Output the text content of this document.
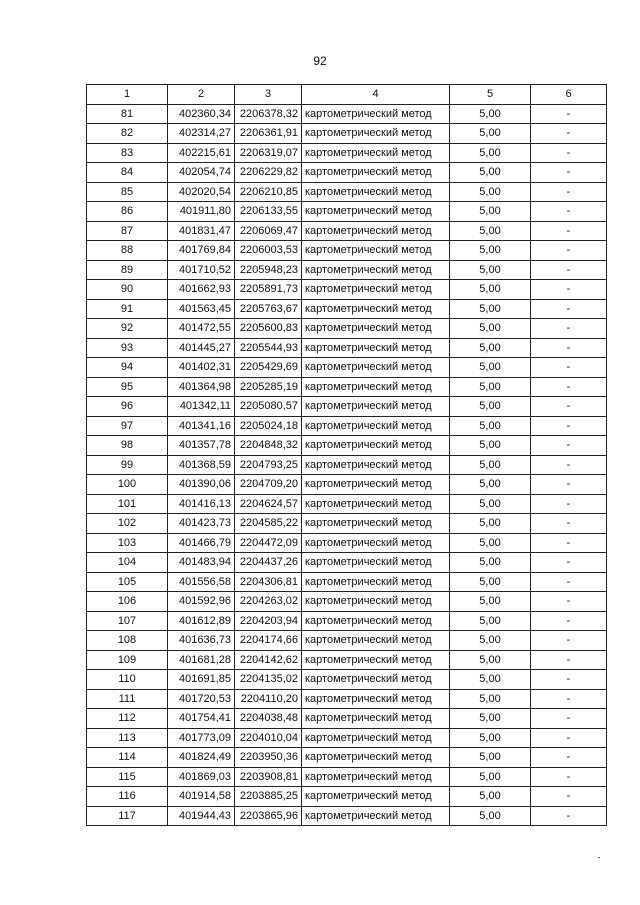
92
1	2	3	4	5	6
81	402360,34	2206378,32	картометрический метод	5,00	-
82	402314,27	2206361,91	картометрический метод	5,00	-
83	402215,61	2206319,07	картометрический метод	5,00	-
84	402054,74	2206229,82	картометрический метод	5,00	-
85	402020,54	2206210,85	картометрический метод	5,00	-
86	401911,80	2206133,55	картометрический метод	5,00	-
87	401831,47	2206069,47	картометрический метод	5,00	-
88	401769,84	2206003,53	картометрический метод	5,00	-
89	401710,52	2205948,23	картометрический метод	5,00	-
90	401662,93	2205891,73	картометрический метод	5,00	-
91	401563,45	2205763,67	картометрический метод	5,00	-
92	401472,55	2205600,83	картометрический метод	5,00	-
93	401445,27	2205544,93	картометрический метод	5,00	-
94	401402,31	2205429,69	картометрический метод	5,00	-
95	401364,98	2205285,19	картометрический метод	5,00	-
96	401342,11	2205080,57	картометрический метод	5,00	-
97	401341,16	2205024,18	картометрический метод	5,00	-
98	401357,78	2204848,32	картометрический метод	5,00	-
99	401368,59	2204793,25	картометрический метод	5,00	-
100	401390,06	2204709,20	картометрический метод	5,00	-
101	401416,13	2204624,57	картометрический метод	5,00	-
102	401423,73	2204585,22	картометрический метод	5,00	-
103	401466,79	2204472,09	картометрический метод	5,00	-
104	401483,94	2204437,26	картометрический метод	5,00	-
105	401556,58	2204306,81	картометрический метод	5,00	-
106	401592,96	2204263,02	картометрический метод	5,00	-
107	401612,89	2204203,94	картометрический метод	5,00	-
108	401636,73	2204174,66	картометрический метод	5,00	-
109	401681,28	2204142,62	картометрический метод	5,00	-
110	401691,85	2204135,02	картометрический метод	5,00	-
111	401720,53	2204110,20	картометрический метод	5,00	-
112	401754,41	2204038,48	картометрический метод	5,00	-
113	401773,09	2204010,04	картометрический метод	5,00	-
114	401824,49	2203950,36	картометрический метод	5,00	-
115	401869,03	2203908,81	картометрический метод	5,00	-
116	401914,58	2203885,25	картометрический метод	5,00	-
117	401944,43	2203865,96	картометрический метод	5,00	-
